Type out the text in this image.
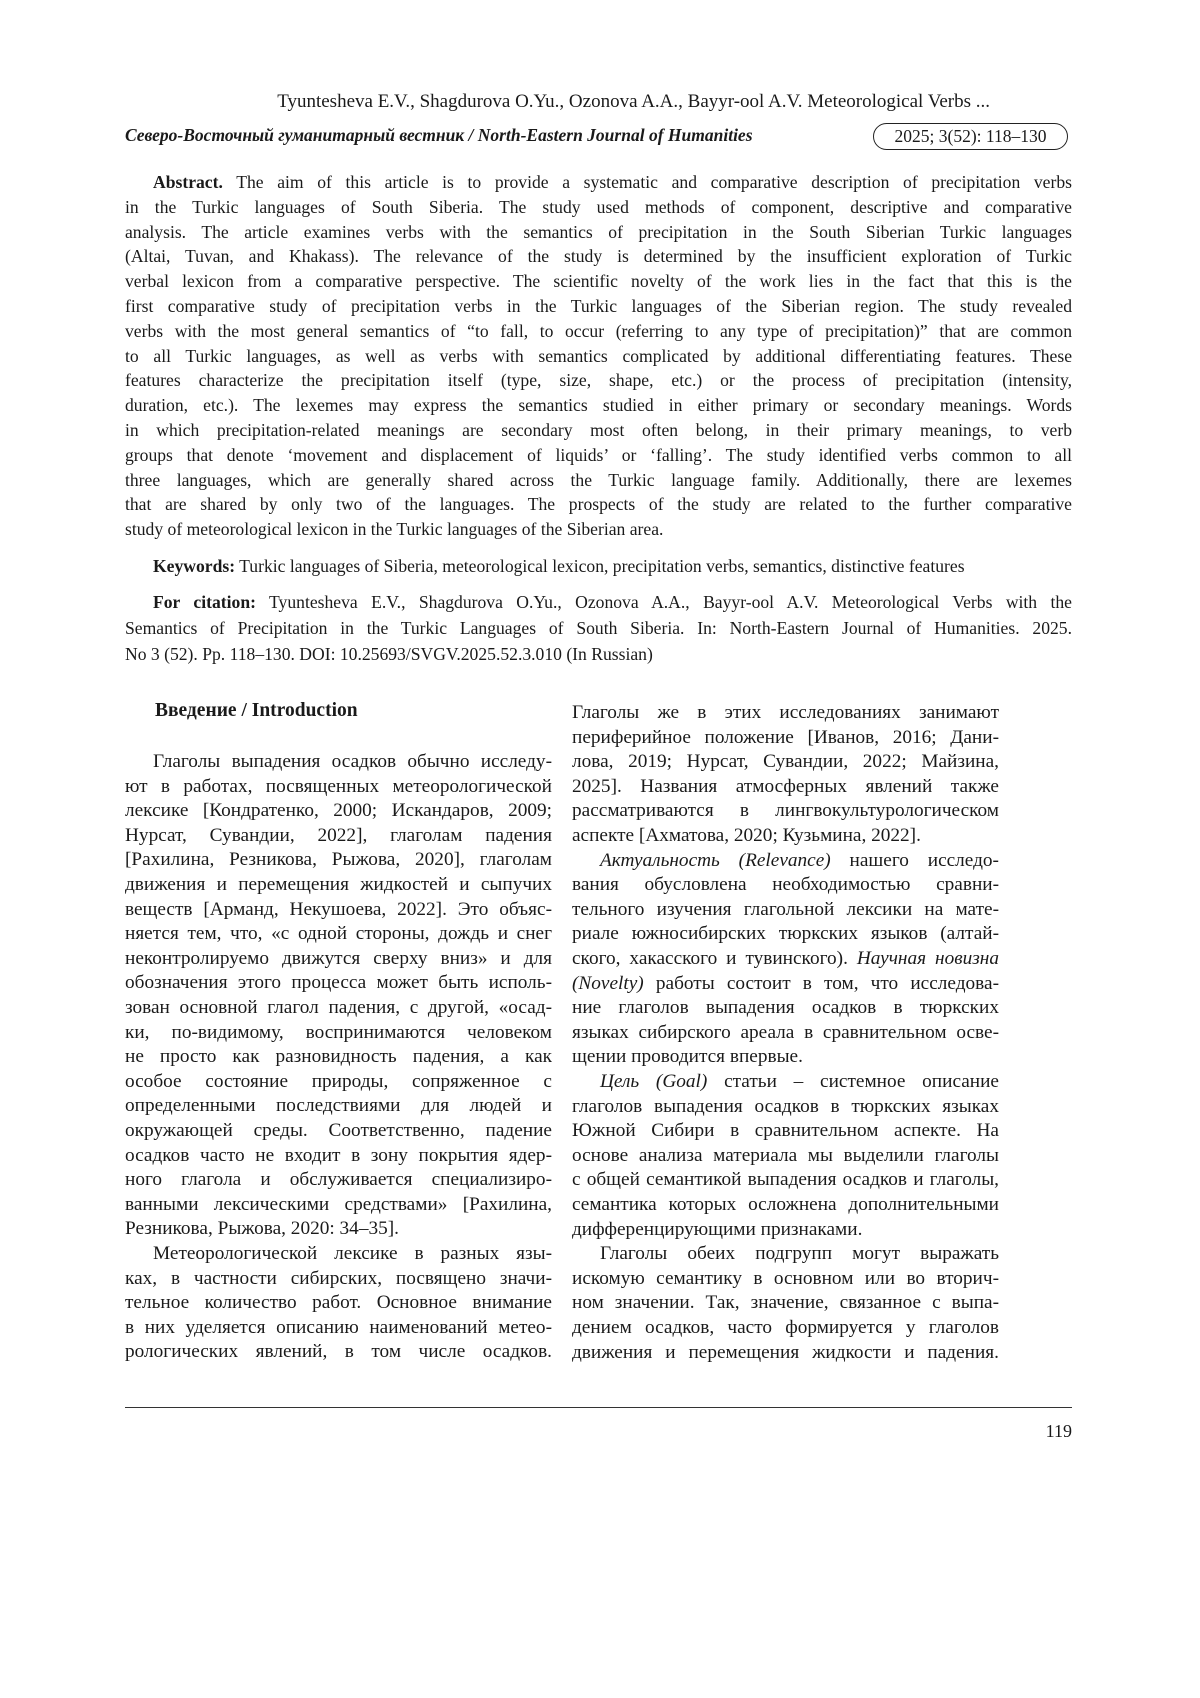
Tyuntesheva E.V., Shagdurova O.Yu., Ozonova A.A., Bayyr-ool A.V. Meteorological Verbs ...
Северо-Восточный гуманитарный вестник / North-Eastern Journal of Humanities	2025; 3(52): 118–130
Abstract. The aim of this article is to provide a systematic and comparative description of precipitation verbs
in the Turkic languages of South Siberia. The study used methods of component, descriptive and comparative
analysis. The article examines verbs with the semantics of precipitation in the South Siberian Turkic languages
(Altai, Tuvan, and Khakass). The relevance of the study is determined by the insufficient exploration of Turkic
verbal lexicon from a comparative perspective. The scientific novelty of the work lies in the fact that this is the
first comparative study of precipitation verbs in the Turkic languages of the Siberian region. The study revealed
verbs with the most general semantics of “to fall, to occur (referring to any type of precipitation)” that are common
to all Turkic languages, as well as verbs with semantics complicated by additional differentiating features. These
features characterize the precipitation itself (type, size, shape, etc.) or the process of precipitation (intensity,
duration, etc.). The lexemes may express the semantics studied in either primary or secondary meanings. Words
in which precipitation-related meanings are secondary most often belong, in their primary meanings, to verb
groups that denote ‘movement and displacement of liquids’ or ‘falling’. The study identified verbs common to all
three languages, which are generally shared across the Turkic language family. Additionally, there are lexemes
that are shared by only two of the languages. The prospects of the study are related to the further comparative
study of meteorological lexicon in the Turkic languages of the Siberian area.
Keywords: Turkic languages of Siberia, meteorological lexicon, precipitation verbs, semantics, distinctive features
For citation: Tyuntesheva E.V., Shagdurova O.Yu., Ozonova A.A., Bayyr-ool A.V. Meteorological Verbs with the
Semantics of Precipitation in the Turkic Languages of South Siberia. In: North-Eastern Journal of Humanities. 2025.
No 3 (52). Pp. 118–130. DOI: 10.25693/SVGV.2025.52.3.010 (In Russian)
Введение / Introduction
Глаголы выпадения осадков обычно исследу-
ют в работах, посвященных метеорологической
лексике [Кондратенко, 2000; Искандаров, 2009;
Нурсат, Сувандии, 2022], глаголам падения
[Рахилина, Резникова, Рыжова, 2020], глаголам
движения и перемещения жидкостей и сыпучих
веществ [Арманд, Некушоева, 2022]. Это объяс-
няется тем, что, «с одной стороны, дождь и снег
неконтролируемо движутся сверху вниз» и для
обозначения этого процесса может быть исполь-
зован основной глагол падения, с другой, «осад-
ки, по-видимому, воспринимаются человеком
не просто как разновидность падения, а как
особое состояние природы, сопряженное с
определенными последствиями для людей и
окружающей среды. Соответственно, падение
осадков часто не входит в зону покрытия ядер-
ного глагола и обслуживается специализиро-
ванными лексическими средствами» [Рахилина,
Резникова, Рыжова, 2020: 34–35].
Метеорологической лексике в разных язы-
ках, в частности сибирских, посвящено значи-
тельное количество работ. Основное внимание
в них уделяется описанию наименований метео-
рологических явлений, в том числе осадков.
Глаголы же в этих исследованиях занимают
периферийное положение [Иванов, 2016; Дани-
лова, 2019; Нурсат, Сувандии, 2022; Майзина,
2025]. Названия атмосферных явлений также
рассматриваются в лингвокультурологическом
аспекте [Ахматова, 2020; Кузьмина, 2022].
Актуальность (Relevance) нашего исследо-
вания обусловлена необходимостью сравни-
тельного изучения глагольной лексики на мате-
риале южносибирских тюркских языков (алтай-
ского, хакасского и тувинского). Научная новизна
(Novelty) работы состоит в том, что исследова-
ние глаголов выпадения осадков в тюркских
языках сибирского ареала в сравнительном осве-
щении проводится впервые.
Цель (Goal) статьи – системное описание
глаголов выпадения осадков в тюркских языках
Южной Сибири в сравнительном аспекте. На
основе анализа материала мы выделили глаголы
с общей семантикой выпадения осадков и глаголы,
семантика которых осложнена дополнительными
дифференцирующими признаками.
Глаголы обеих подгрупп могут выражать
искомую семантику в основном или во вторич-
ном значении. Так, значение, связанное с выпа-
дением осадков, часто формируется у глаголов
движения и перемещения жидкости и падения.
119
